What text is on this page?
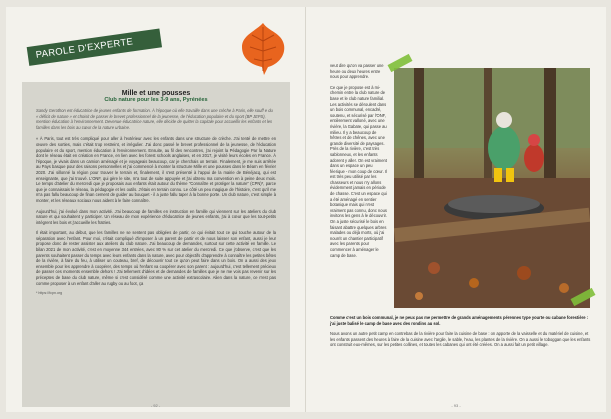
PAROLE D'EXPERTE
Mille et une pousses
Club nature pour les 3-9 ans, Pyrénées

Sandy Gerothon est éducatrice de jeunes enfants de formation. À l'époque où elle travaille dans une crèche à Paris, elle souff e du « déficit de nature » et choisit de passer le brevet professionnel de la jeunesse, de l'éducation populaire et du sport (BP JEPS), mention éducation à l'environnement. Devenue éducatrice nature, elle décide de quitter la capitale pour accueillir les enfants et les familles dans les bois au cœur de la nature urbaine.

« À Paris, tout est très compliqué pour aller à l'extérieur avec les enfants dans une structure de crèche. J'ai tenté de mettre en œuvre des sorties, mais c'était trop restreint, et irrégulier. J'ai donc passé le brevet professionnel de la jeunesse, de l'éducation populaire et du sport, mention éducation à l'environnement. Ensuite, au fil des rencontres, j'ai rejoint la Pédagogie Par la Nature dont le réseau était en création en France, en lien avec les forest schools anglaises, et en 2017, je visité leurs écoles en France. À l'époque, je vivais dans un camion aménagé et je voyageais beaucoup, car je cherchais un terrain. Finalement, je me suis arrêtée au Pays basque pour des raisons personnelles et j'ai commencé à monter la structure Mille et une pousses dans le Béarn en février 2020. J'ai sillonné la région pour trouver le terrain et, finalement, il s'est présenté à l'appui de la mairie de Bénéjacq, qui est enseignante, que j'ai trouvé. L'ONF, qui gère le site, m'a tout de suite appuyée et j'ai obtenu ma convention en à peine deux mois. Le temps d'atelier du mercredi que je proposais aux enfants était autour du thème "Connaître et protéger la nature" (CPN)*, parce que je connaissais le réseau, la pédagogie et les outils. J'étais en terrain connu. Le côté un peu magique de l'histoire, c'est qu'il me m'a pas fallu beaucoup de finan cement de guider au bouquet - il a juste fallu taper à la bonne porte. Un club nature, c'est simple à monter, et les réseaux sociaux nous aident à le faire connaître.

Aujourd'hui, j'ai évolué dans mon activité. J'ai beaucoup de familles en instruction en famille qui viennent sur les ateliers du club nature et qui souhaitent y participer. Un réseau de mon expérience d'éducatrice de jeunes enfants, j'ai à cœur que les tout-petits intègrent les bois et j'accueille les fratries.

Il était important, au début, que les familles ne se sentent pas obligées de partir, ce qui évitait tout ce qui touche autour de la séparation avec l'enfant. Pour moi, c'était compliqué d'imposer à un parent de partir et de nous laisser son enfant, aussi je leur propose donc de rester assister aux ateliers du club nature. J'ai beaucoup de demandes, surtout sur cette activité en famille. Le bilan 2021 de mon activité, c'est en moyenne 344 entrées, avec 80 % sur cet atelier du mercredi. Ce que j'observe, c'est que les parents souhaitent passer du temps avec leurs enfants dans la nature, avec pour objectifs d'apprendre à connaître les petites bêtes de la rivière, à faire du feu, à utiliser un couteau, bref, de découvrir tout ce qu'on peut faire dans un bois. On a aussi des jeux ensemble pour les apprendre à coopérer, des temps où l'enfant va coopérer avec son parent : aujourd'hui, c'est tellement précieux de passer ces moments ensemble dehors ! J'ai tellement d'idées et de demandes de familles que je ne me vois pas revenir sur les préceptes de base du club nature, même si c'est considéré comme une activité extrascolaire. Alien dans la nature, ce n'est pas comme proposer à un enfant d'aller au rugby ou au foot, ça

* https://fcpn.org
- 92 -

veut dire qu'on va passer une heure ou deux heures entre nous pour apprendre.

Ce que je propose est à mi-chemin entre la club nature de base et le club nature familial. Les activités se déroulent dans un bois communal, encadré, soutenu, et sécurisé par l'ONF, entièrement valloné, avec une rivière, la Gabaïe, qui passe au milieu. Il y a beaucoup de hêtres et de chênes, avec une grande diversité de paysages. Près de la rivière, c'est très sablonneux, et les enfants adorent y aller. On est vraiment dans un espace un peu féerique - mon coup de cœur. Il est très peu utilisé par les chasseurs et nous n'y allons évidemment jamais en période de chasse. C'est un espace qui a été aménagé en sentier botanique mais qui n'est vraiment pas connu, donc nous invitons les gens à le découvrir. On a juste sécurisé le bois en faisant abattre quelques arbres malades ou déjà morts, où j'ai nourrit un chantier participatif avec les parents pour commencer à aménager le camp de base.

Comme c'est un bois communal, je ne peux pas me permettre de grands aménagements pérennes type yourte ou cabane forestière : j'ai juste balisé le camp de base avec des rondins au sol.

Nous avons un autre petit camp en contrebas de la rivière pour faire la cuisine de base : on apporte de la vaisselle et du matériel de cuisine, et les enfants passent des heures à faire de la cuisine avec l'argile, le sable, l'eau, les plantes de la rivière. On a aussi le toboggan que les enfants ont construit eux-mêmes, sur les petites collines, et toutes les cabanes qui ont été créées. On a aussi fait un petit village.

- 93 -
